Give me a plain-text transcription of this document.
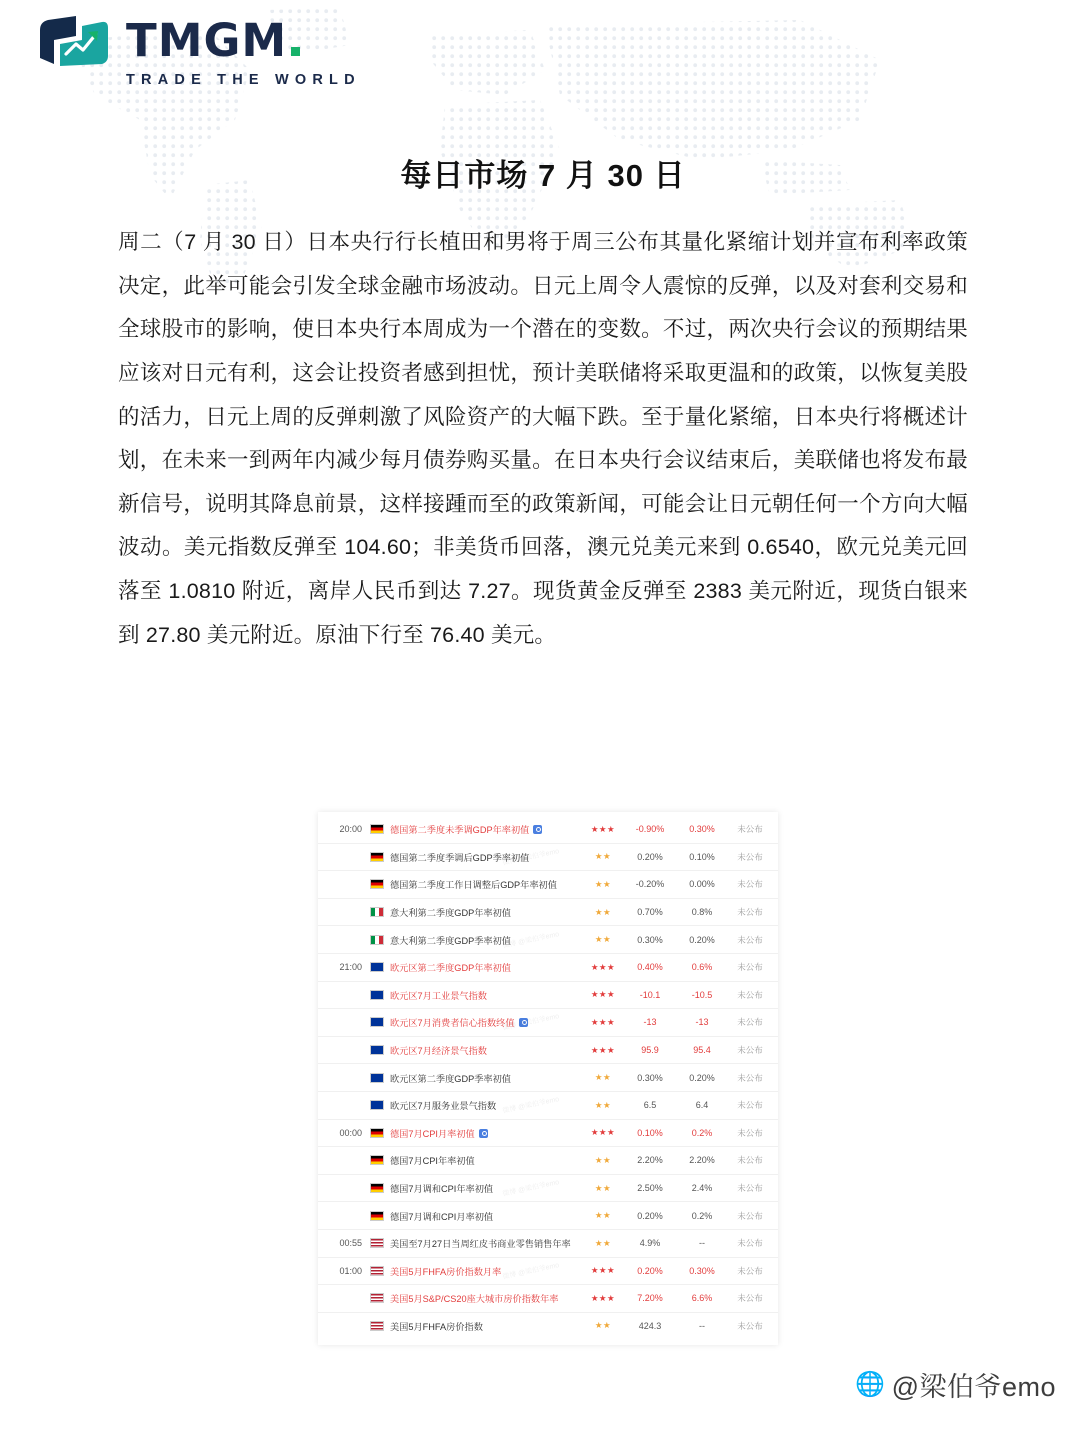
TMGM
TRADE THE WORLD
每日市场 7 月 30 日
周二（7 月 30 日）日本央行行长植田和男将于周三公布其量化紧缩计划并宣布利率政策决定，此举可能会引发全球金融市场波动。日元上周令人震惊的反弹，以及对套利交易和全球股市的影响，使日本央行本周成为一个潜在的变数。不过，两次央行会议的预期结果应该对日元有利，这会让投资者感到担忧，预计美联储将采取更温和的政策，以恢复美股的活力，日元上周的反弹刺激了风险资产的大幅下跌。至于量化紧缩，日本央行将概述计划，在未来一到两年内减少每月债券购买量。在日本央行会议结束后，美联储也将发布最新信号，说明其降息前景，这样接踵而至的政策新闻，可能会让日元朝任何一个方向大幅波动。美元指数反弹至 104.60；非美货币回落，澳元兑美元来到 0.6540，欧元兑美元回落至 1.0810 附近，离岸人民币到达 7.27。现货黄金反弹至 2383 美元附近，现货白银来到 27.80 美元附近。原油下行至 76.40 美元。
20:00	德国第二季度未季调GDP年率初值	★★★	-0.90%	0.30%	未公布
德国第二季度季调后GDP季率初值	★★	0.20%	0.10%	未公布
微博 @梁伯爷emo
德国第二季度工作日调整后GDP年率初值	★★	-0.20%	0.00%	未公布
意大利第二季度GDP年率初值	★★	0.70%	0.8%	未公布
意大利第二季度GDP季率初值	★★	0.30%	0.20%	未公布
微博 @梁伯爷emo
21:00	欧元区第二季度GDP年率初值	★★★	0.40%	0.6%	未公布
欧元区7月工业景气指数	★★★	-10.1	-10.5	未公布
欧元区7月消费者信心指数终值	★★★	-13	-13	未公布
微博 @梁伯爷emo
欧元区7月经济景气指数	★★★	95.9	95.4	未公布
欧元区第二季度GDP季率初值	★★	0.30%	0.20%	未公布
欧元区7月服务业景气指数	★★	6.5	6.4	未公布
微博 @梁伯爷emo
00:00	德国7月CPI月率初值	★★★	0.10%	0.2%	未公布
德国7月CPI年率初值	★★	2.20%	2.20%	未公布
德国7月调和CPI年率初值	★★	2.50%	2.4%	未公布
微博 @梁伯爷emo
德国7月调和CPI月率初值	★★	0.20%	0.2%	未公布
00:55	美国至7月27日当周红皮书商业零售销售年率	★★	4.9%	--	未公布
01:00	美国5月FHFA房价指数月率	★★★	0.20%	0.30%	未公布
微博 @梁伯爷emo
美国5月S&P/CS20座大城市房价指数年率	★★★	7.20%	6.6%	未公布
美国5月FHFA房价指数	★★	424.3	--	未公布
🌐 @梁伯爷emo
